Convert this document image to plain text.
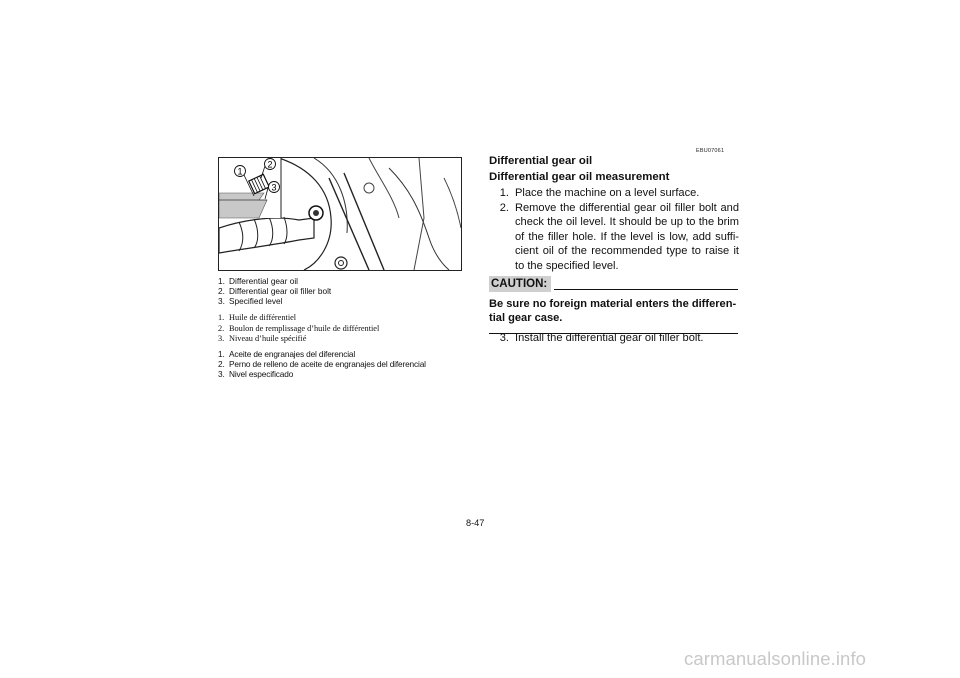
1
2
3
1. Differential gear oil
2. Differential gear oil filler bolt
3. Specified level
1. Huile de différentiel
2. Boulon de remplissage d’huile de différentiel
3. Niveau d’huile spécifié
1. Aceite de engranajes del diferencial
2. Perno de relleno de aceite de engranajes del diferencial
3. Nivel especificado
EBU07061
Differential gear oil
Differential gear oil measurement
1. Place the machine on a level surface.
2. Remove the differential gear oil filler bolt and check the oil level. It should be up to the brim of the filler hole. If the level is low, add suffi-cient oil of the recommended type to raise it to the specified level.
CAUTION:
Be sure no foreign material enters the differen-tial gear case.
3. Install the differential gear oil filler bolt.
8-47
carmanualsonline.info
